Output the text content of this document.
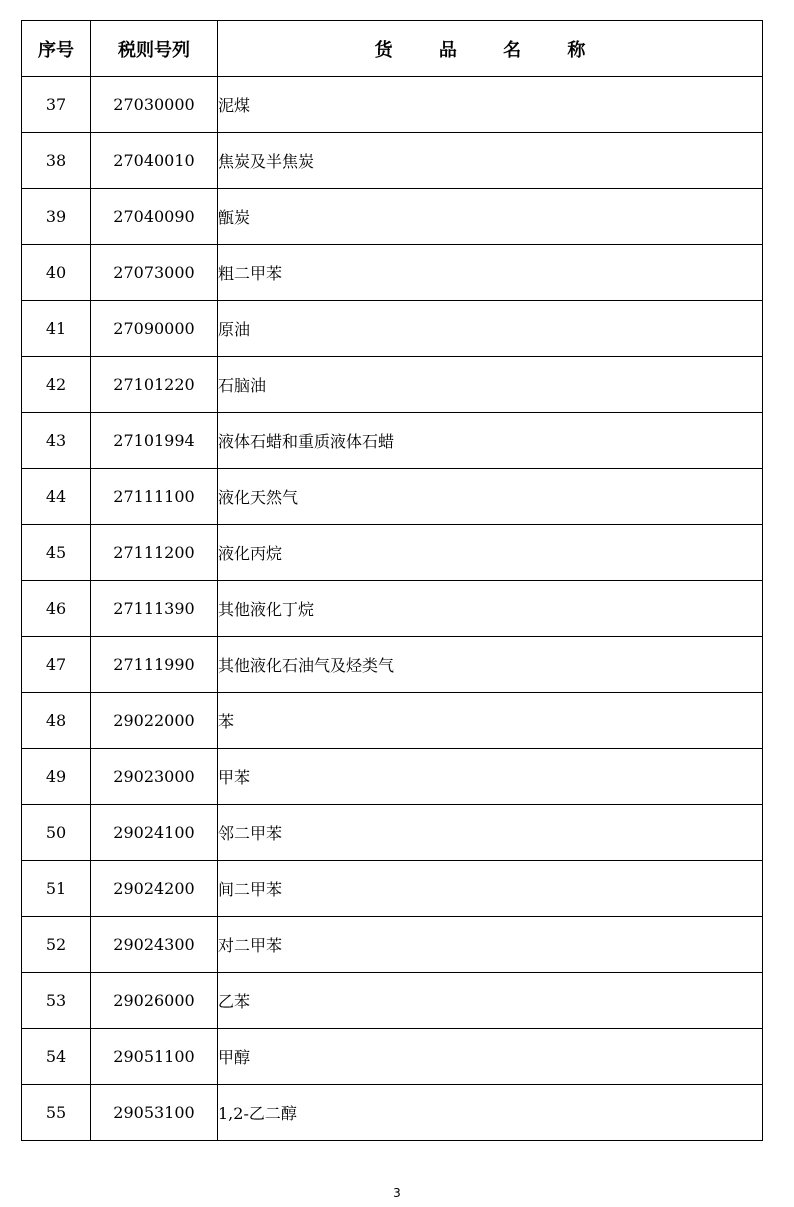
序号	税则号列	货 品 名 称
37	27030000	泥煤
38	27040010	焦炭及半焦炭
39	27040090	甑炭
40	27073000	粗二甲苯
41	27090000	原油
42	27101220	石脑油
43	27101994	液体石蜡和重质液体石蜡
44	27111100	液化天然气
45	27111200	液化丙烷
46	27111390	其他液化丁烷
47	27111990	其他液化石油气及烃类气
48	29022000	苯
49	29023000	甲苯
50	29024100	邻二甲苯
51	29024200	间二甲苯
52	29024300	对二甲苯
53	29026000	乙苯
54	29051100	甲醇
55	29053100	1,2-乙二醇
3
